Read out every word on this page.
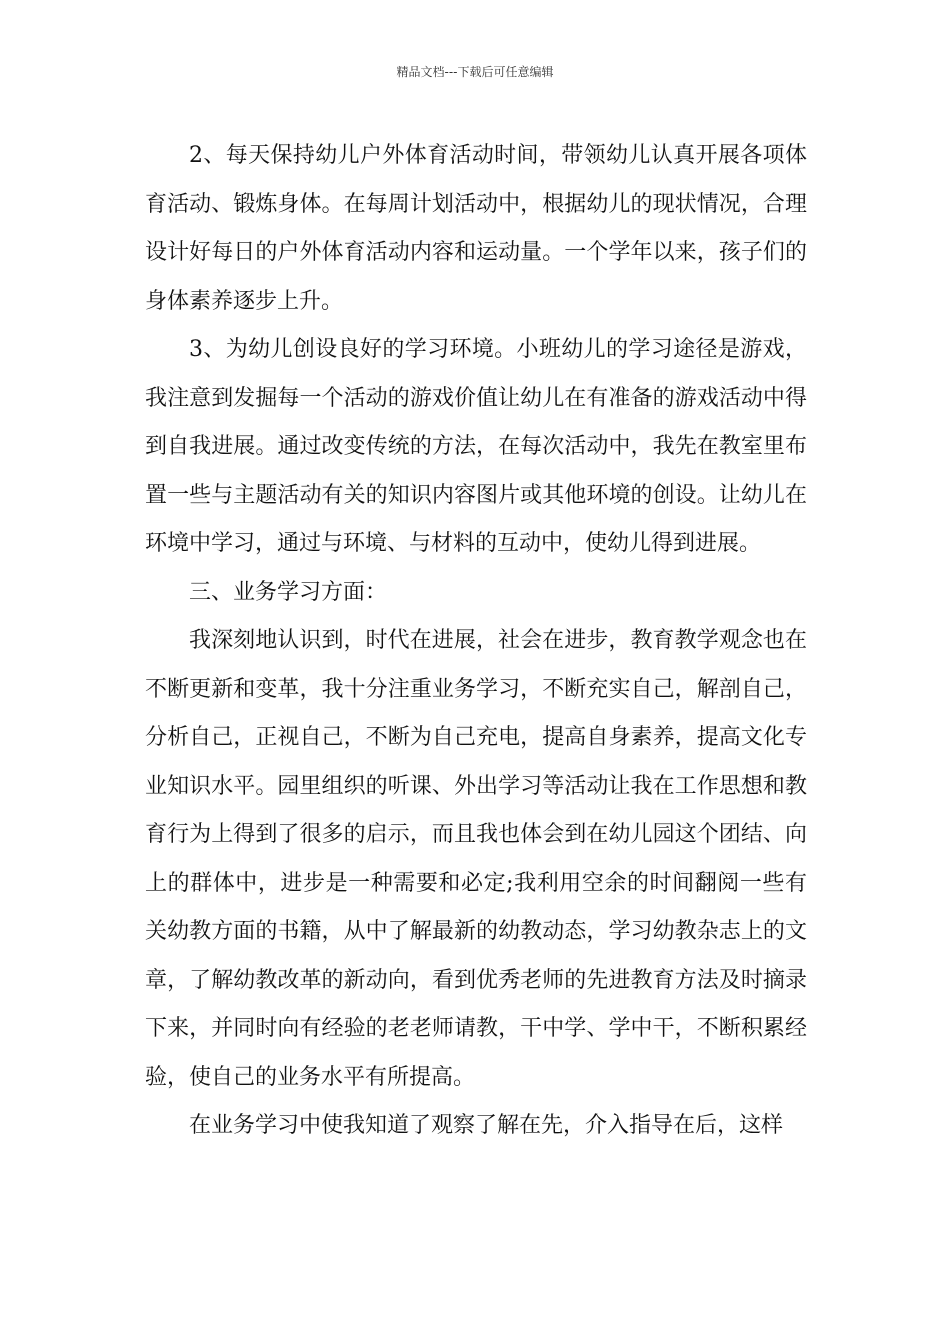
精品文档---下载后可任意编辑

2、每天保持幼儿户外体育活动时间，带领幼儿认真开展各项体育活动、锻炼身体。在每周计划活动中，根据幼儿的现状情况，合理设计好每日的户外体育活动内容和运动量。一个学年以来，孩子们的身体素养逐步上升。

3、为幼儿创设良好的学习环境。小班幼儿的学习途径是游戏，我注意到发掘每一个活动的游戏价值让幼儿在有准备的游戏活动中得到自我进展。通过改变传统的方法，在每次活动中，我先在教室里布置一些与主题活动有关的知识内容图片或其他环境的创设。让幼儿在环境中学习，通过与环境、与材料的互动中，使幼儿得到进展。

三、业务学习方面：

我深刻地认识到，时代在进展，社会在进步，教育教学观念也在不断更新和变革，我十分注重业务学习，不断充实自己，解剖自己，分析自己，正视自己，不断为自己充电，提高自身素养，提高文化专业知识水平。园里组织的听课、外出学习等活动让我在工作思想和教育行为上得到了很多的启示，而且我也体会到在幼儿园这个团结、向上的群体中，进步是一种需要和必定;我利用空余的时间翻阅一些有关幼教方面的书籍，从中了解最新的幼教动态，学习幼教杂志上的文章，了解幼教改革的新动向，看到优秀老师的先进教育方法及时摘录下来，并同时向有经验的老老师请教，干中学、学中干，不断积累经验，使自己的业务水平有所提高。

在业务学习中使我知道了观察了解在先，介入指导在后，这样
